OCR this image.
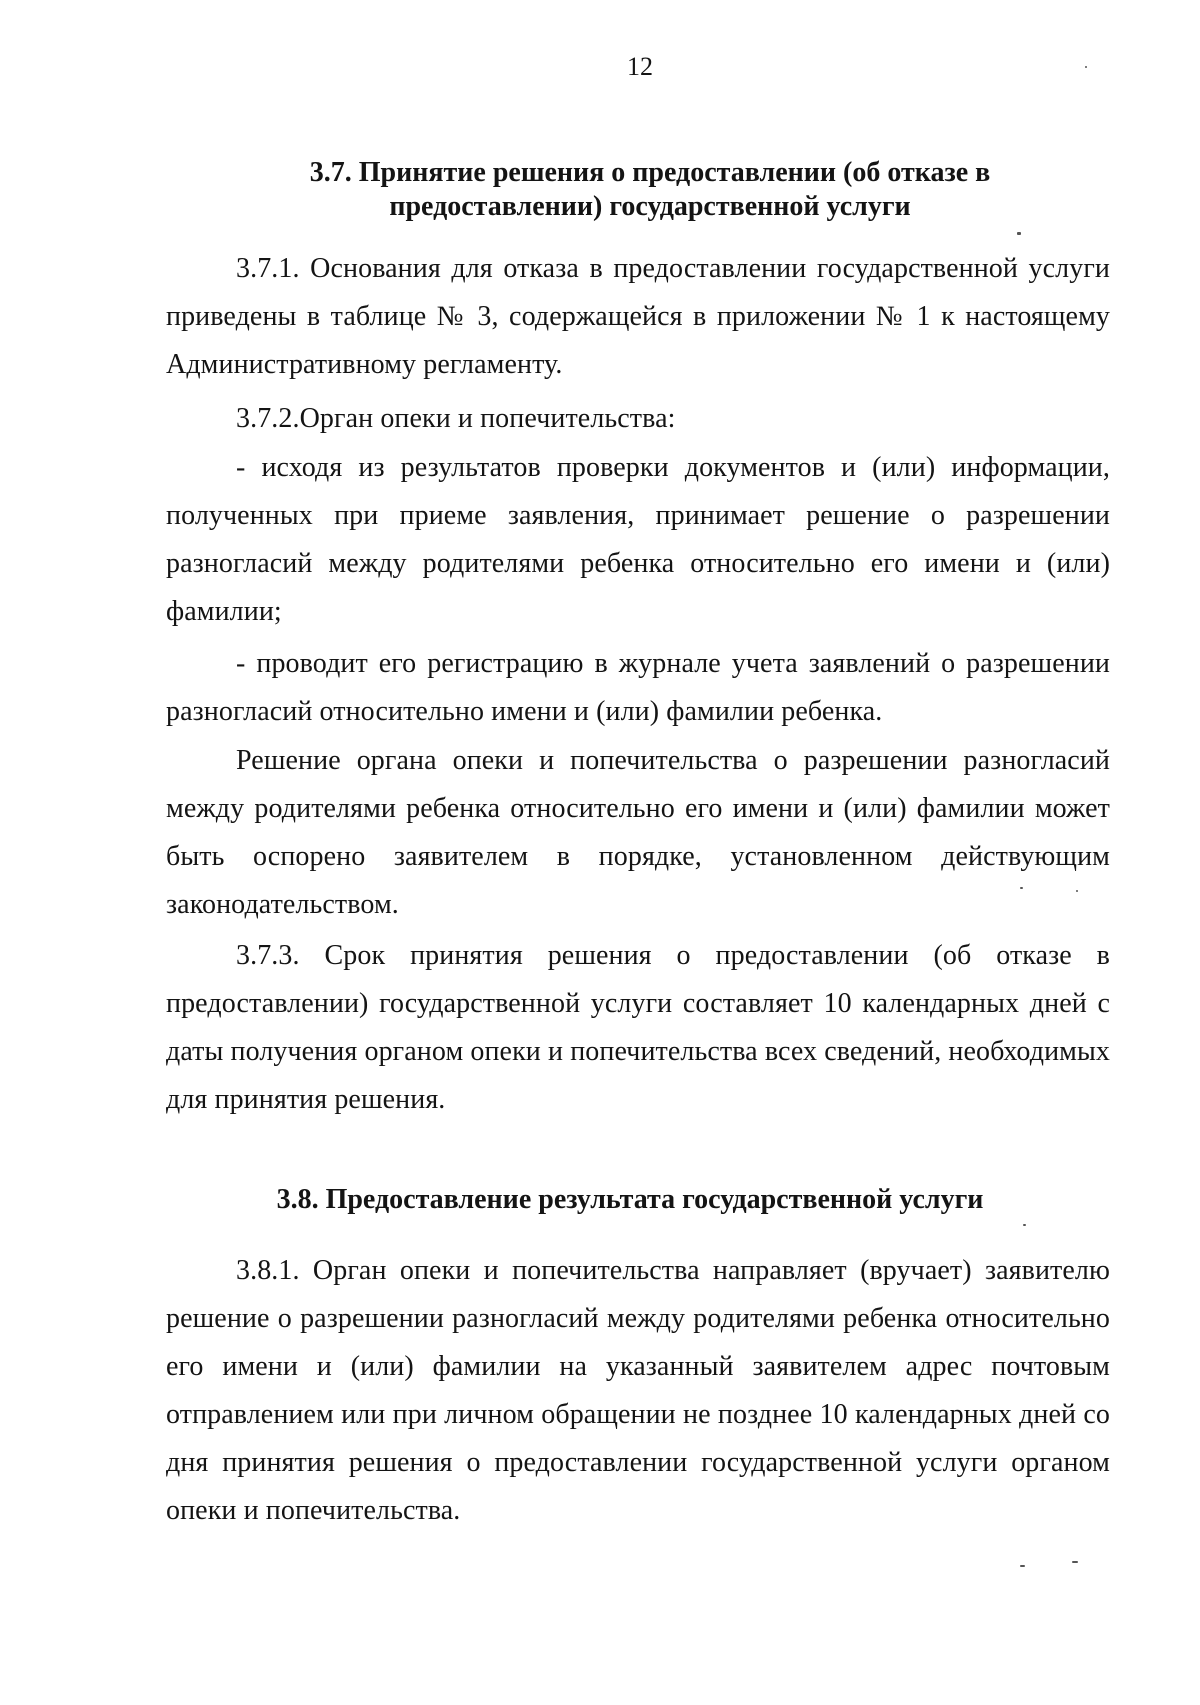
12
3.7. Принятие решения о предоставлении (об отказе в предоставлении) государственной услуги

3.7.1. Основания для отказа в предоставлении государственной услуги приведены в таблице № 3, содержащейся в приложении № 1 к настоящему Административному регламенту.

3.7.2.Орган опеки и попечительства:

- исходя из результатов проверки документов и (или) информации, полученных при приеме заявления, принимает решение о разрешении разногласий между родителями ребенка относительно его имени и (или) фамилии;

- проводит его регистрацию в журнале учета заявлений о разрешении разногласий относительно имени и (или) фамилии ребенка.

Решение органа опеки и попечительства о разрешении разногласий между родителями ребенка относительно его имени и (или) фамилии может быть оспорено заявителем в порядке, установленном действующим законодательством.

3.7.3. Срок принятия решения о предоставлении (об отказе в предоставлении) государственной услуги составляет 10 календарных дней с даты получения органом опеки и попечительства всех сведений, необходимых для принятия решения.

3.8. Предоставление результата государственной услуги

3.8.1. Орган опеки и попечительства направляет (вручает) заявителю решение о разрешении разногласий между родителями ребенка относительно его имени и (или) фамилии на указанный заявителем адрес почтовым отправлением или при личном обращении не позднее 10 календарных дней со дня принятия решения о предоставлении государственной услуги органом опеки и попечительства.
